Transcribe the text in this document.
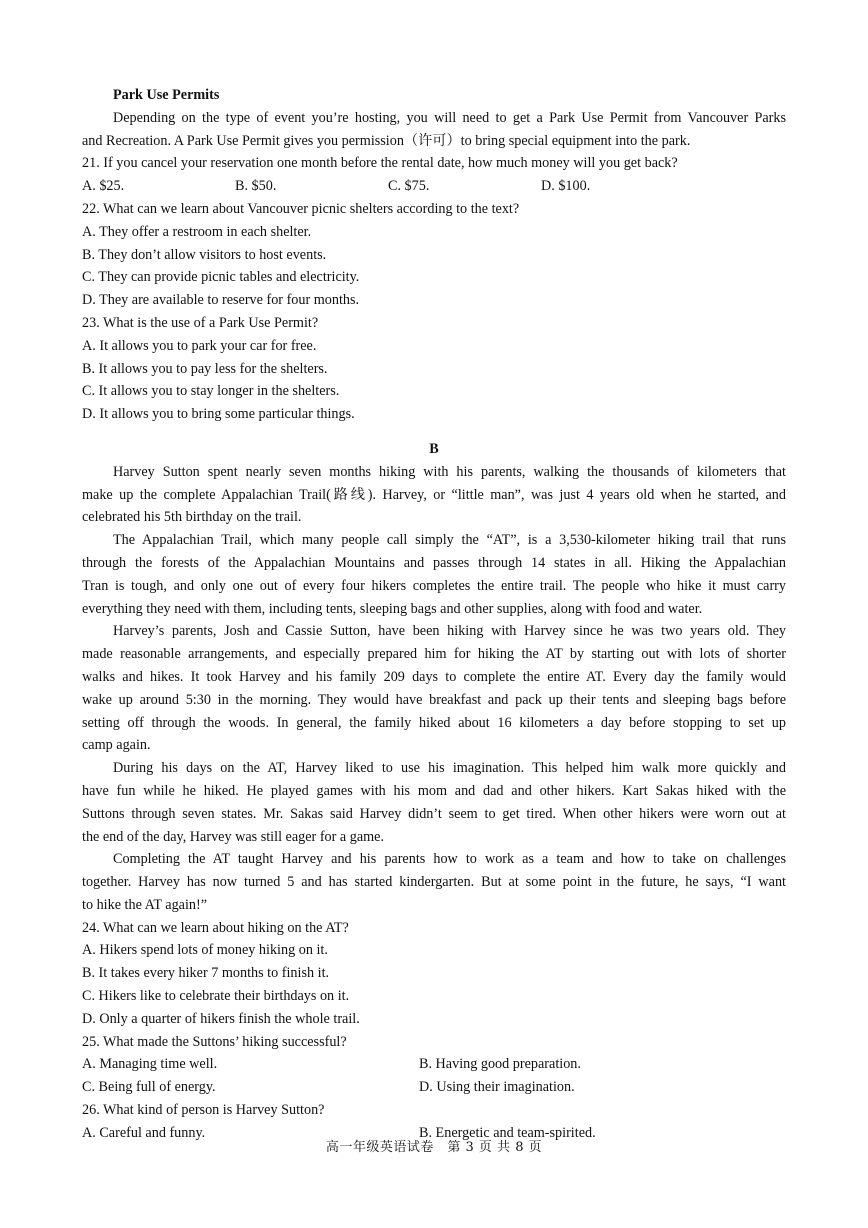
Park Use Permits
Depending on the type of event you’re hosting, you will need to get a Park Use Permit from Vancouver Parks
and Recreation. A Park Use Permit gives you permission（许可）to bring special equipment into the park.
21. If you cancel your reservation one month before the rental date, how much money will you get back?
A. $25.	B. $50.	C. $75.	D. $100.
22. What can we learn about Vancouver picnic shelters according to the text?
A. They offer a restroom in each shelter.
B. They don’t allow visitors to host events.
C. They can provide picnic tables and electricity.
D. They are available to reserve for four months.
23. What is the use of a Park Use Permit?
A. It allows you to park your car for free.
B. It allows you to pay less for the shelters.
C. It allows you to stay longer in the shelters.
D. It allows you to bring some particular things.
B
Harvey Sutton spent nearly seven months hiking with his parents, walking the thousands of kilometers that
make up the complete Appalachian Trail(路线). Harvey, or “little man”, was just 4 years old when he started, and
celebrated his 5th birthday on the trail.
The Appalachian Trail, which many people call simply the “AT”, is a 3,530-kilometer hiking trail that runs
through the forests of the Appalachian Mountains and passes through 14 states in all. Hiking the Appalachian
Tran is tough, and only one out of every four hikers completes the entire trail. The people who hike it must carry
everything they need with them, including tents, sleeping bags and other supplies, along with food and water.
Harvey’s parents, Josh and Cassie Sutton, have been hiking with Harvey since he was two years old. They
made reasonable arrangements, and especially prepared him for hiking the AT by starting out with lots of shorter
walks and hikes. It took Harvey and his family 209 days to complete the entire AT. Every day the family would
wake up around 5:30 in the morning. They would have breakfast and pack up their tents and sleeping bags before
setting off through the woods. In general, the family hiked about 16 kilometers a day before stopping to set up
camp again.
During his days on the AT, Harvey liked to use his imagination. This helped him walk more quickly and
have fun while he hiked. He played games with his mom and dad and other hikers. Kart Sakas hiked with the
Suttons through seven states. Mr. Sakas said Harvey didn’t seem to get tired. When other hikers were worn out at
the end of the day, Harvey was still eager for a game.
Completing the AT taught Harvey and his parents how to work as a team and how to take on challenges
together. Harvey has now turned 5 and has started kindergarten. But at some point in the future, he says, “I want
to hike the AT again!”
24. What can we learn about hiking on the AT?
A. Hikers spend lots of money hiking on it.
B. It takes every hiker 7 months to finish it.
C. Hikers like to celebrate their birthdays on it.
D. Only a quarter of hikers finish the whole trail.
25. What made the Suttons’ hiking successful?
A. Managing time well.	B. Having good preparation.
C. Being full of energy.	D. Using their imagination.
26. What kind of person is Harvey Sutton?
A. Careful and funny.	B. Energetic and team-spirited.
高一年级英语试卷　第 3 页 共 8 页
